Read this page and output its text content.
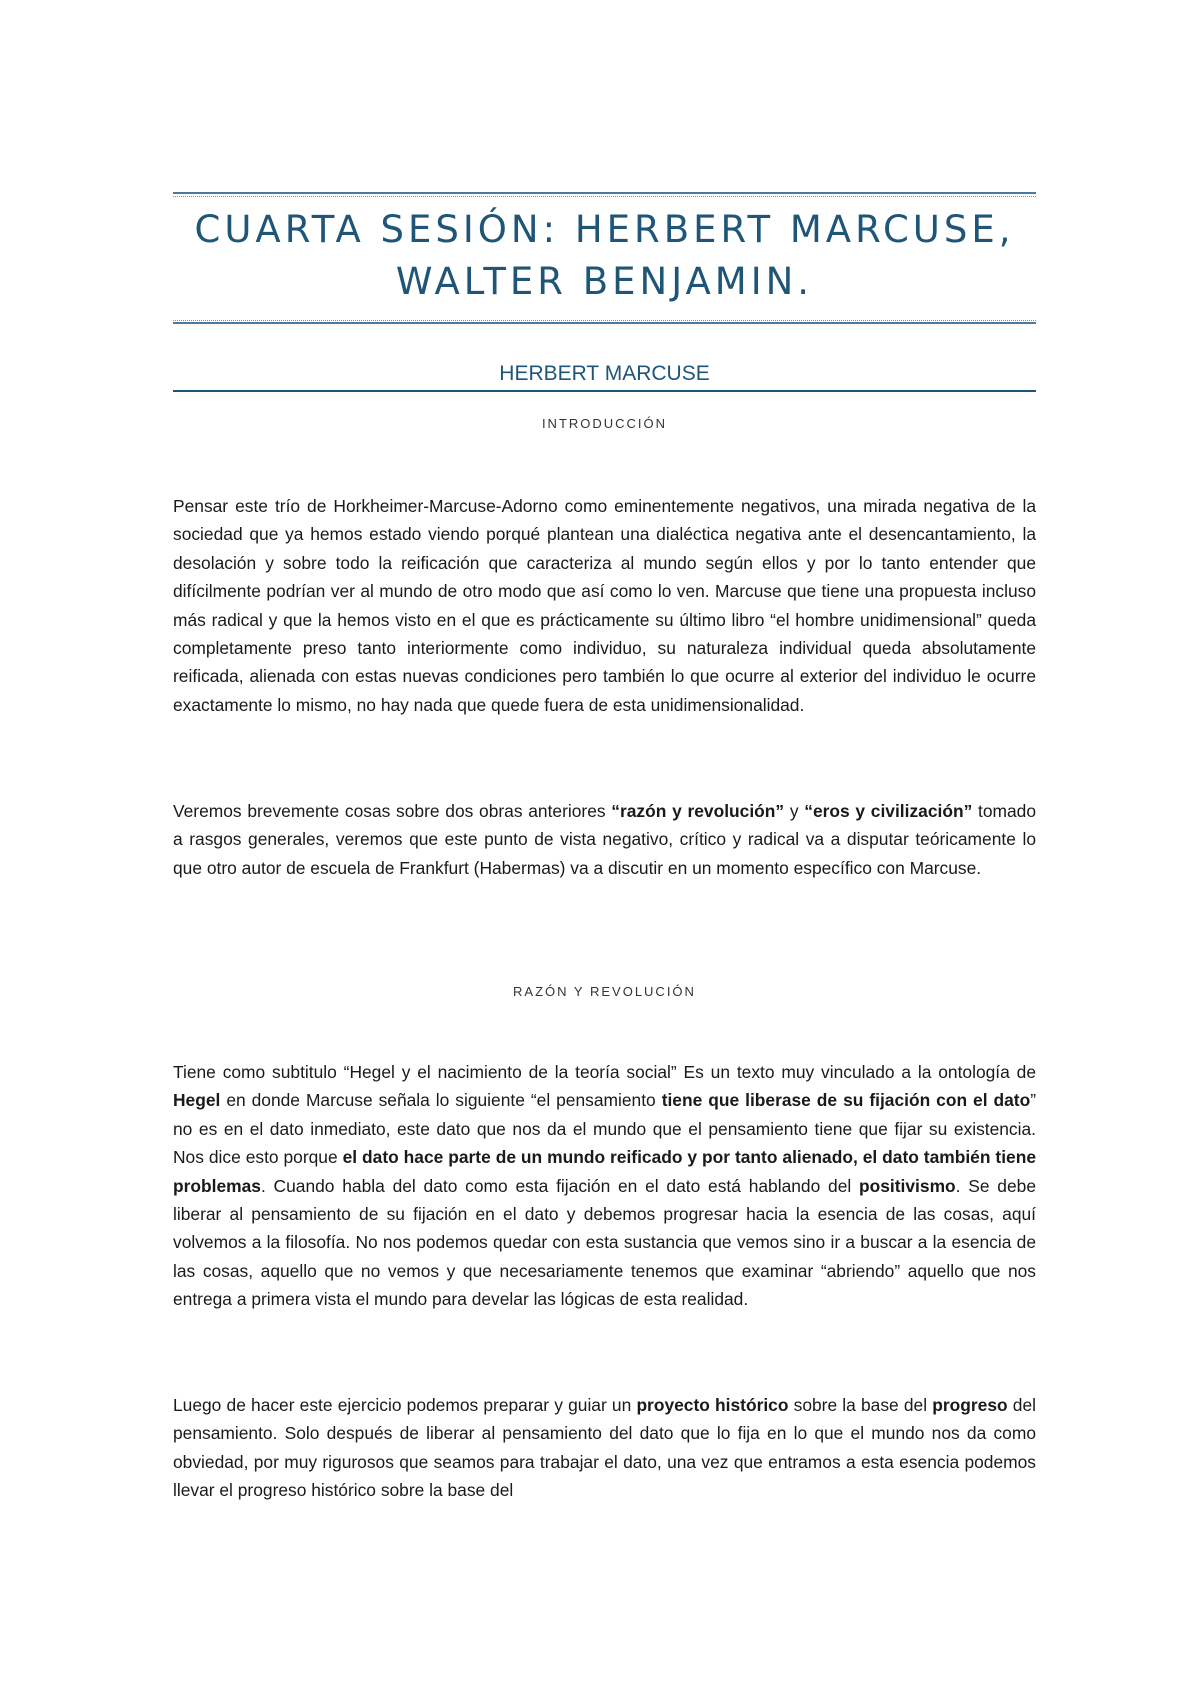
CUARTA SESIÓN: HERBERT MARCUSE,
WALTER BENJAMIN.
HERBERT MARCUSE
INTRODUCCIÓN

Pensar este trío de Horkheimer-Marcuse-Adorno como eminentemente negativos, una mirada negativa de la sociedad que ya hemos estado viendo porqué plantean una dialéctica negativa ante el desencantamiento, la desolación y sobre todo la reificación que caracteriza al mundo según ellos y por lo tanto entender que difícilmente podrían ver al mundo de otro modo que así como lo ven. Marcuse que tiene una propuesta incluso más radical y que la hemos visto en el que es prácticamente su último libro “el hombre unidimensional” queda completamente preso tanto interiormente como individuo, su naturaleza individual queda absolutamente reificada, alienada con estas nuevas condiciones pero también lo que ocurre al exterior del individuo le ocurre exactamente lo mismo, no hay nada que quede fuera de esta unidimensionalidad.

Veremos brevemente cosas sobre dos obras anteriores “razón y revolución” y “eros y civilización” tomado a rasgos generales, veremos que este punto de vista negativo, crítico y radical va a disputar teóricamente lo que otro autor de escuela de Frankfurt (Habermas) va a discutir en un momento específico con Marcuse.

RAZÓN Y REVOLUCIÓN

Tiene como subtitulo “Hegel y el nacimiento de la teoría social” Es un texto muy vinculado a la ontología de Hegel en donde Marcuse señala lo siguiente “el pensamiento tiene que liberase de su fijación con el dato” no es en el dato inmediato, este dato que nos da el mundo que el pensamiento tiene que fijar su existencia. Nos dice esto porque el dato hace parte de un mundo reificado y por tanto alienado, el dato también tiene problemas. Cuando habla del dato como esta fijación en el dato está hablando del positivismo. Se debe liberar al pensamiento de su fijación en el dato y debemos progresar hacia la esencia de las cosas, aquí volvemos a la filosofía. No nos podemos quedar con esta sustancia que vemos sino ir a buscar a la esencia de las cosas, aquello que no vemos y que necesariamente tenemos que examinar “abriendo” aquello que nos entrega a primera vista el mundo para develar las lógicas de esta realidad.

Luego de hacer este ejercicio podemos preparar y guiar un proyecto histórico sobre la base del progreso del pensamiento. Solo después de liberar al pensamiento del dato que lo fija en lo que el mundo nos da como obviedad, por muy rigurosos que seamos para trabajar el dato, una vez que entramos a esta esencia podemos llevar el progreso histórico sobre la base del
